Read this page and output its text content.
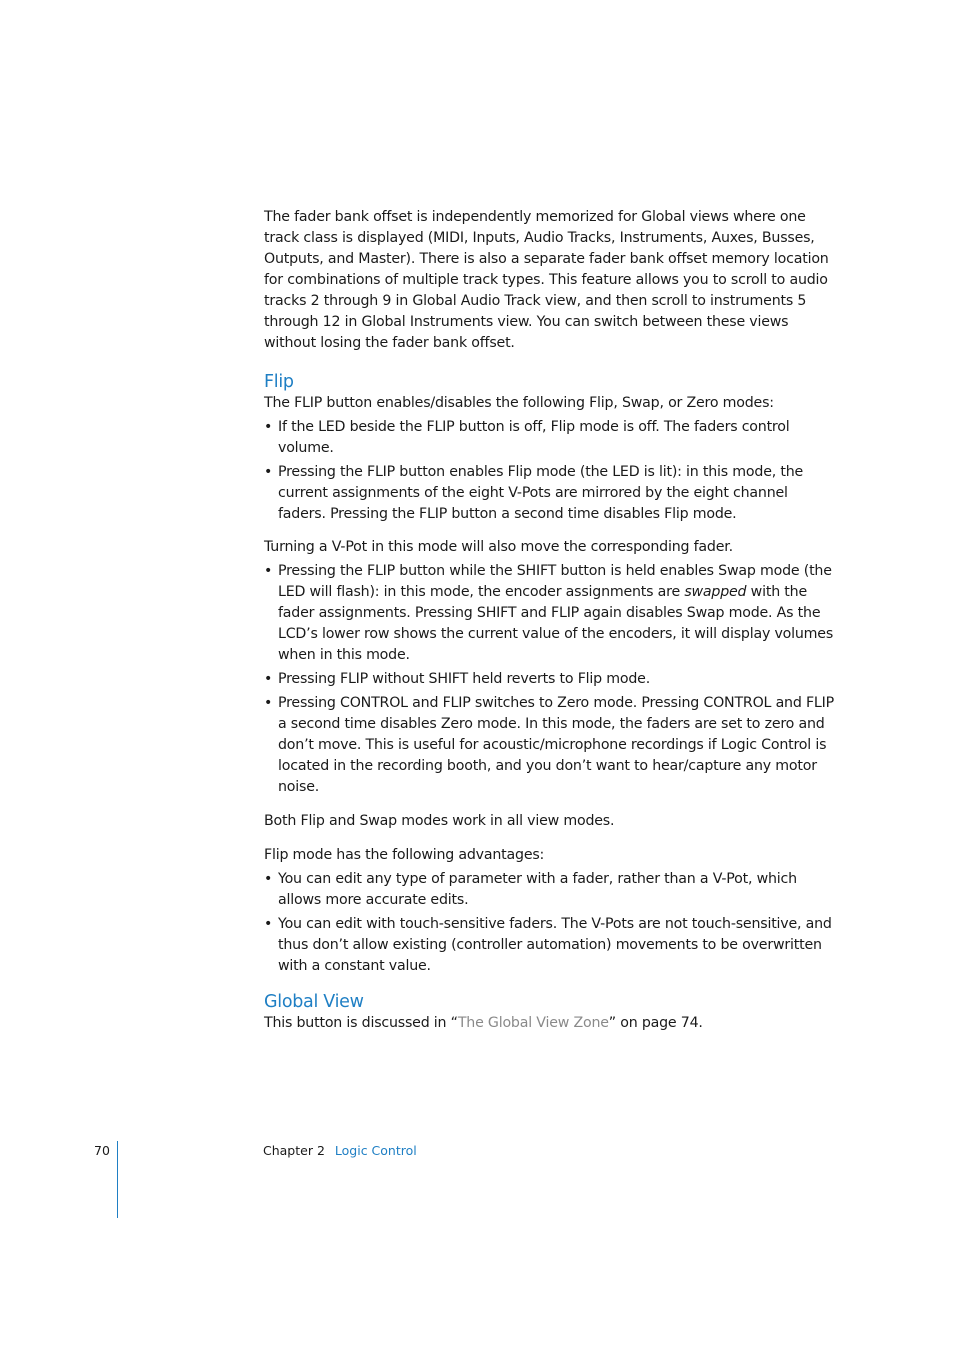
The fader bank offset is independently memorized for Global views where one track class is displayed (MIDI, Inputs, Audio Tracks, Instruments, Auxes, Busses, Outputs, and Master). There is also a separate fader bank offset memory location for combinations of multiple track types. This feature allows you to scroll to audio tracks 2 through 9 in Global Audio Track view, and then scroll to instruments 5 through 12 in Global Instruments view. You can switch between these views without losing the fader bank offset.

Flip

The FLIP button enables/disables the following Flip, Swap, or Zero modes:

• If the LED beside the FLIP button is off, Flip mode is off. The faders control volume.
• Pressing the FLIP button enables Flip mode (the LED is lit): in this mode, the current assignments of the eight V-Pots are mirrored by the eight channel faders. Pressing the FLIP button a second time disables Flip mode.

Turning a V-Pot in this mode will also move the corresponding fader.

• Pressing the FLIP button while the SHIFT button is held enables Swap mode (the LED will flash): in this mode, the encoder assignments are swapped with the fader assignments. Pressing SHIFT and FLIP again disables Swap mode. As the LCD’s lower row shows the current value of the encoders, it will display volumes when in this mode.
• Pressing FLIP without SHIFT held reverts to Flip mode.
• Pressing CONTROL and FLIP switches to Zero mode. Pressing CONTROL and FLIP a second time disables Zero mode. In this mode, the faders are set to zero and don’t move. This is useful for acoustic/microphone recordings if Logic Control is located in the recording booth, and you don’t want to hear/capture any motor noise.

Both Flip and Swap modes work in all view modes.

Flip mode has the following advantages:

• You can edit any type of parameter with a fader, rather than a V-Pot, which allows more accurate edits.
• You can edit with touch-sensitive faders. The V-Pots are not touch-sensitive, and thus don’t allow existing (controller automation) movements to be overwritten with a constant value.
Global View

This button is discussed in “The Global View Zone” on page 74.

70	Chapter 2 Logic Control
